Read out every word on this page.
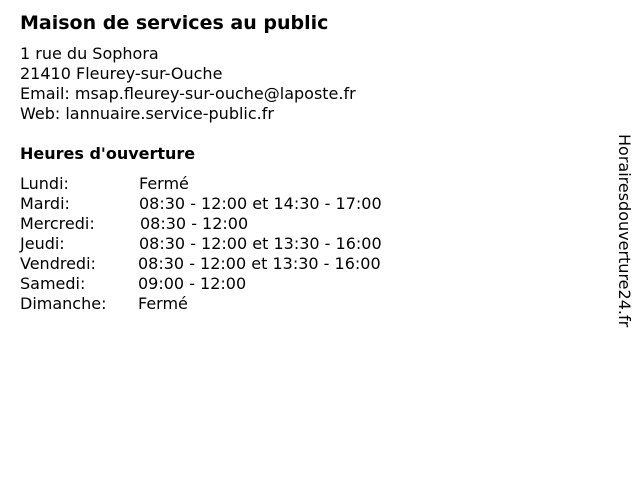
Maison de services au public
1 rue du Sophora
21410 Fleurey-sur-Ouche
Email: msap.fleurey-sur-ouche@laposte.fr
Web: lannuaire.service-public.fr
Heures d'ouverture
Lundi:	Fermé
Mardi:	08:30 - 12:00 et 14:30 - 17:00
Mercredi:	08:30 - 12:00
Jeudi:	08:30 - 12:00 et 13:30 - 16:00
Vendredi:	08:30 - 12:00 et 13:30 - 16:00
Samedi:	09:00 - 12:00
Dimanche: Fermé	Horairesdouverture24.fr
